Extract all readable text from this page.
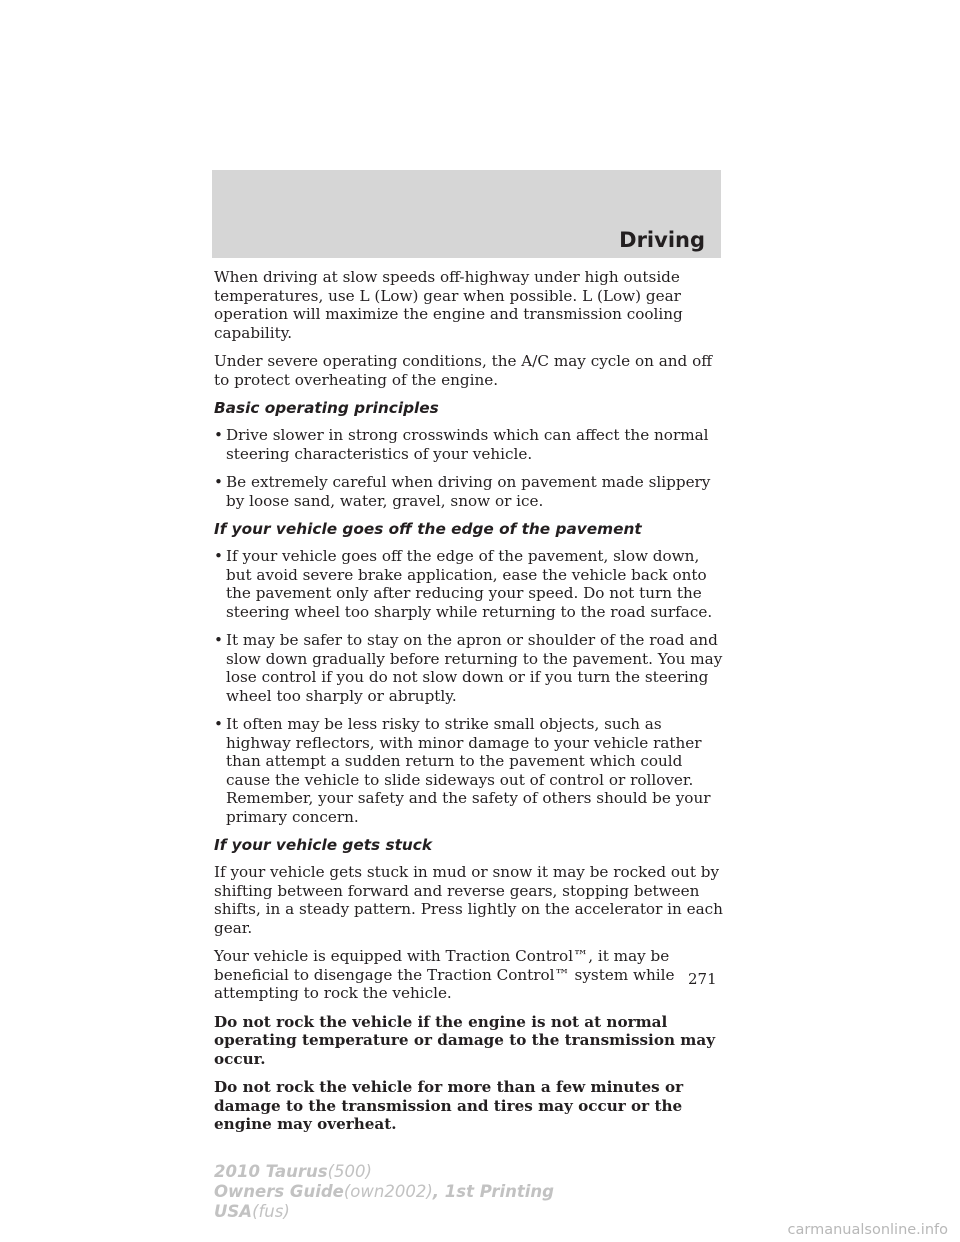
Driving

When driving at slow speeds off-highway under high outside temperatures, use L (Low) gear when possible. L (Low) gear operation will maximize the engine and transmission cooling capability.

Under severe operating conditions, the A/C may cycle on and off to protect overheating of the engine.

Basic operating principles
• Drive slower in strong crosswinds which can affect the normal steering characteristics of your vehicle.
• Be extremely careful when driving on pavement made slippery by loose sand, water, gravel, snow or ice.
If your vehicle goes off the edge of the pavement
• If your vehicle goes off the edge of the pavement, slow down, but avoid severe brake application, ease the vehicle back onto the pavement only after reducing your speed. Do not turn the steering wheel too sharply while returning to the road surface.
• It may be safer to stay on the apron or shoulder of the road and slow down gradually before returning to the pavement. You may lose control if you do not slow down or if you turn the steering wheel too sharply or abruptly.
• It often may be less risky to strike small objects, such as highway reflectors, with minor damage to your vehicle rather than attempt a sudden return to the pavement which could cause the vehicle to slide sideways out of control or rollover. Remember, your safety and the safety of others should be your primary concern.
If your vehicle gets stuck

If your vehicle gets stuck in mud or snow it may be rocked out by shifting between forward and reverse gears, stopping between shifts, in a steady pattern. Press lightly on the accelerator in each gear.

Your vehicle is equipped with Traction Control™, it may be beneficial to disengage the Traction Control™ system while attempting to rock the vehicle.

Do not rock the vehicle if the engine is not at normal operating temperature or damage to the transmission may occur.

Do not rock the vehicle for more than a few minutes or damage to the transmission and tires may occur or the engine may overheat.

271

2010 Taurus(500)
Owners Guide(own2002), 1st Printing
USA(fus)
carmanualsonline.info
